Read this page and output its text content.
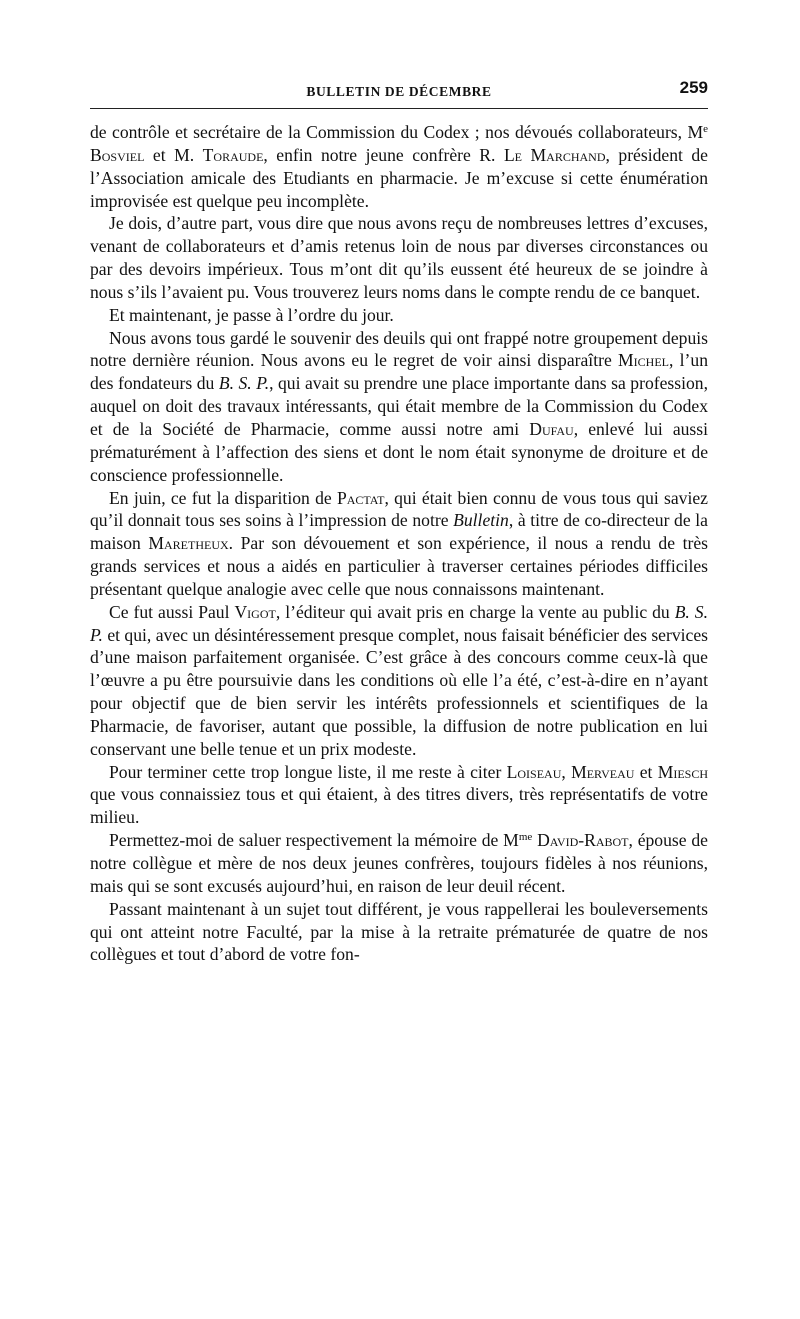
BULLETIN DE DÉCEMBRE	259

de contrôle et secrétaire de la Commission du Codex ; nos dévoués collaborateurs, Me Bosviel et M. Toraude, enfin notre jeune confrère R. Le Marchand, président de l’Association amicale des Etudiants en pharmacie. Je m’excuse si cette énumération improvisée est quelque peu incomplète.

Je dois, d’autre part, vous dire que nous avons reçu de nombreuses lettres d’excuses, venant de collaborateurs et d’amis retenus loin de nous par diverses circonstances ou par des devoirs impérieux. Tous m’ont dit qu’ils eussent été heureux de se joindre à nous s’ils l’avaient pu. Vous trouverez leurs noms dans le compte rendu de ce banquet.

Et maintenant, je passe à l’ordre du jour.

Nous avons tous gardé le souvenir des deuils qui ont frappé notre groupement depuis notre dernière réunion. Nous avons eu le regret de voir ainsi disparaître Michel, l’un des fondateurs du B. S. P., qui avait su prendre une place importante dans sa profession, auquel on doit des travaux intéressants, qui était membre de la Commission du Codex et de la Société de Pharmacie, comme aussi notre ami Dufau, enlevé lui aussi prématurément à l’affection des siens et dont le nom était synonyme de droiture et de conscience professionnelle.

En juin, ce fut la disparition de Pactat, qui était bien connu de vous tous qui saviez qu’il donnait tous ses soins à l’impression de notre Bulletin, à titre de co-directeur de la maison Maretheux. Par son dévouement et son expérience, il nous a rendu de très grands services et nous a aidés en particulier à traverser certaines périodes difficiles présentant quelque analogie avec celle que nous connaissons maintenant.

Ce fut aussi Paul Vigot, l’éditeur qui avait pris en charge la vente au public du B. S. P. et qui, avec un désintéressement presque complet, nous faisait bénéficier des services d’une maison parfaitement organisée. C’est grâce à des concours comme ceux-là que l’œuvre a pu être poursuivie dans les conditions où elle l’a été, c’est-à-dire en n’ayant pour objectif que de bien servir les intérêts professionnels et scientifiques de la Pharmacie, de favoriser, autant que possible, la diffusion de notre publication en lui conservant une belle tenue et un prix modeste.

Pour terminer cette trop longue liste, il me reste à citer Loiseau, Merveau et Miesch que vous connaissiez tous et qui étaient, à des titres divers, très représentatifs de votre milieu.

Permettez-moi de saluer respectivement la mémoire de $M^{me}$ David-Rabot, épouse de notre collègue et mère de nos deux jeunes confrères, toujours fidèles à nos réunions, mais qui se sont excusés aujourd’hui, en raison de leur deuil récent.

Passant maintenant à un sujet tout différent, je vous rappellerai les bouleversements qui ont atteint notre Faculté, par la mise à la retraite prématurée de quatre de nos collègues et tout d’abord de votre fon-
